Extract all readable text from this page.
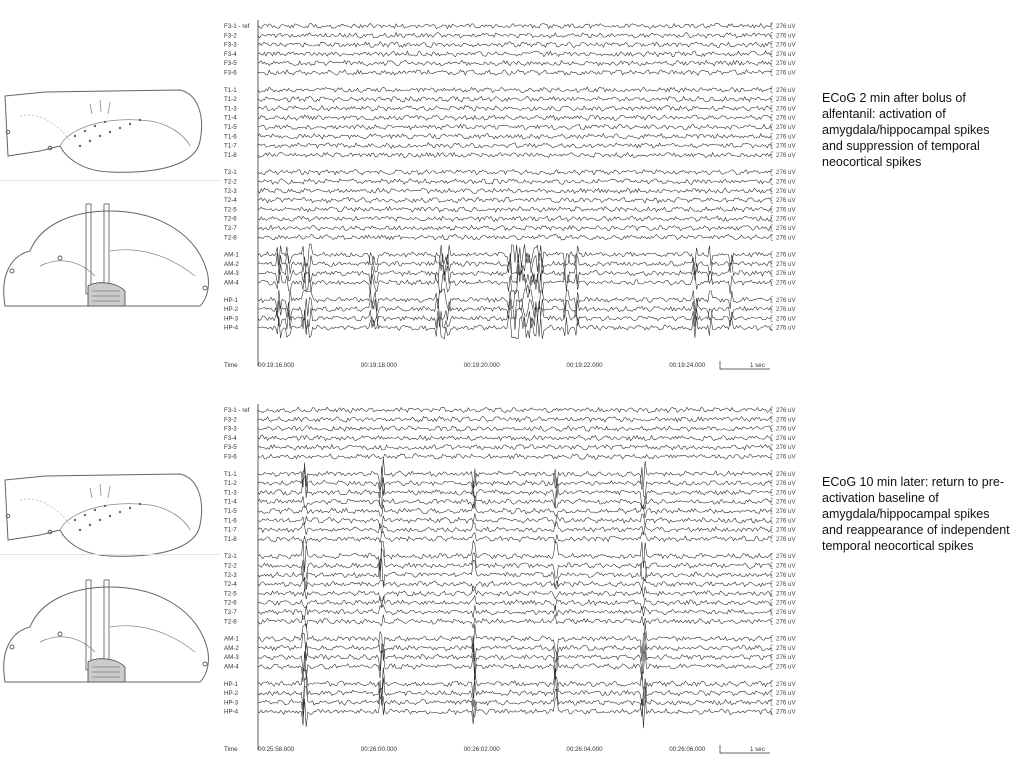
F3-1 - ref	276 uV
F3-2	276 uV
F3-3	276 uV
F3-4	276 uV
F3-5	276 uV
F3-6	276 uV
T1-1	276 uV
T1-2	276 uV
T1-3	276 uV
T1-4	276 uV
T1-5	276 uV
T1-6	276 uV
T1-7	276 uV
T1-8	276 uV
T2-1	276 uV
T2-2	276 uV
T2-3	276 uV
T2-4	276 uV
T2-5	276 uV
T2-6	276 uV
T2-7	276 uV
T2-8	276 uV
AM-1	276 uV
AM-2	276 uV
AM-3	276 uV
AM-4	276 uV
HP-1	276 uV
HP-2	276 uV
HP-3	276 uV
HP-4	276 uV
Time	00:19:16.000	00:19:18.000	00:19:20.000	00:19:22.000	00:19:24.000	1 sec
ECoG 2 min after bolus of alfentanil: activation of amygdala/hippocampal spikes and suppression of temporal neocortical spikes
F3-1 - ref	276 uV
F3-2	276 uV
F3-3	276 uV
F3-4	276 uV
F3-5	276 uV
F3-6	276 uV
T1-1	276 uV
T1-2	276 uV
T1-3	276 uV
T1-4	276 uV
T1-5	276 uV
T1-6	276 uV
T1-7	276 uV
T1-8	276 uV
T2-1	276 uV
T2-2	276 uV
T2-3	276 uV
T2-4	276 uV
T2-5	276 uV
T2-6	276 uV
T2-7	276 uV
T2-8	276 uV
AM-1	276 uV
AM-2	276 uV
AM-3	276 uV
AM-4	276 uV
HP-1	276 uV
HP-2	276 uV
HP-3	276 uV
HP-4	276 uV
Time	00:25:58.000	00:26:00.000	00:26:02.000	00:26:04.000	00:26:06.000	1 sec
ECoG 10 min later: return to pre-activation baseline of amygdala/hippocampal spikes and reappearance of independent temporal neocortical spikes
